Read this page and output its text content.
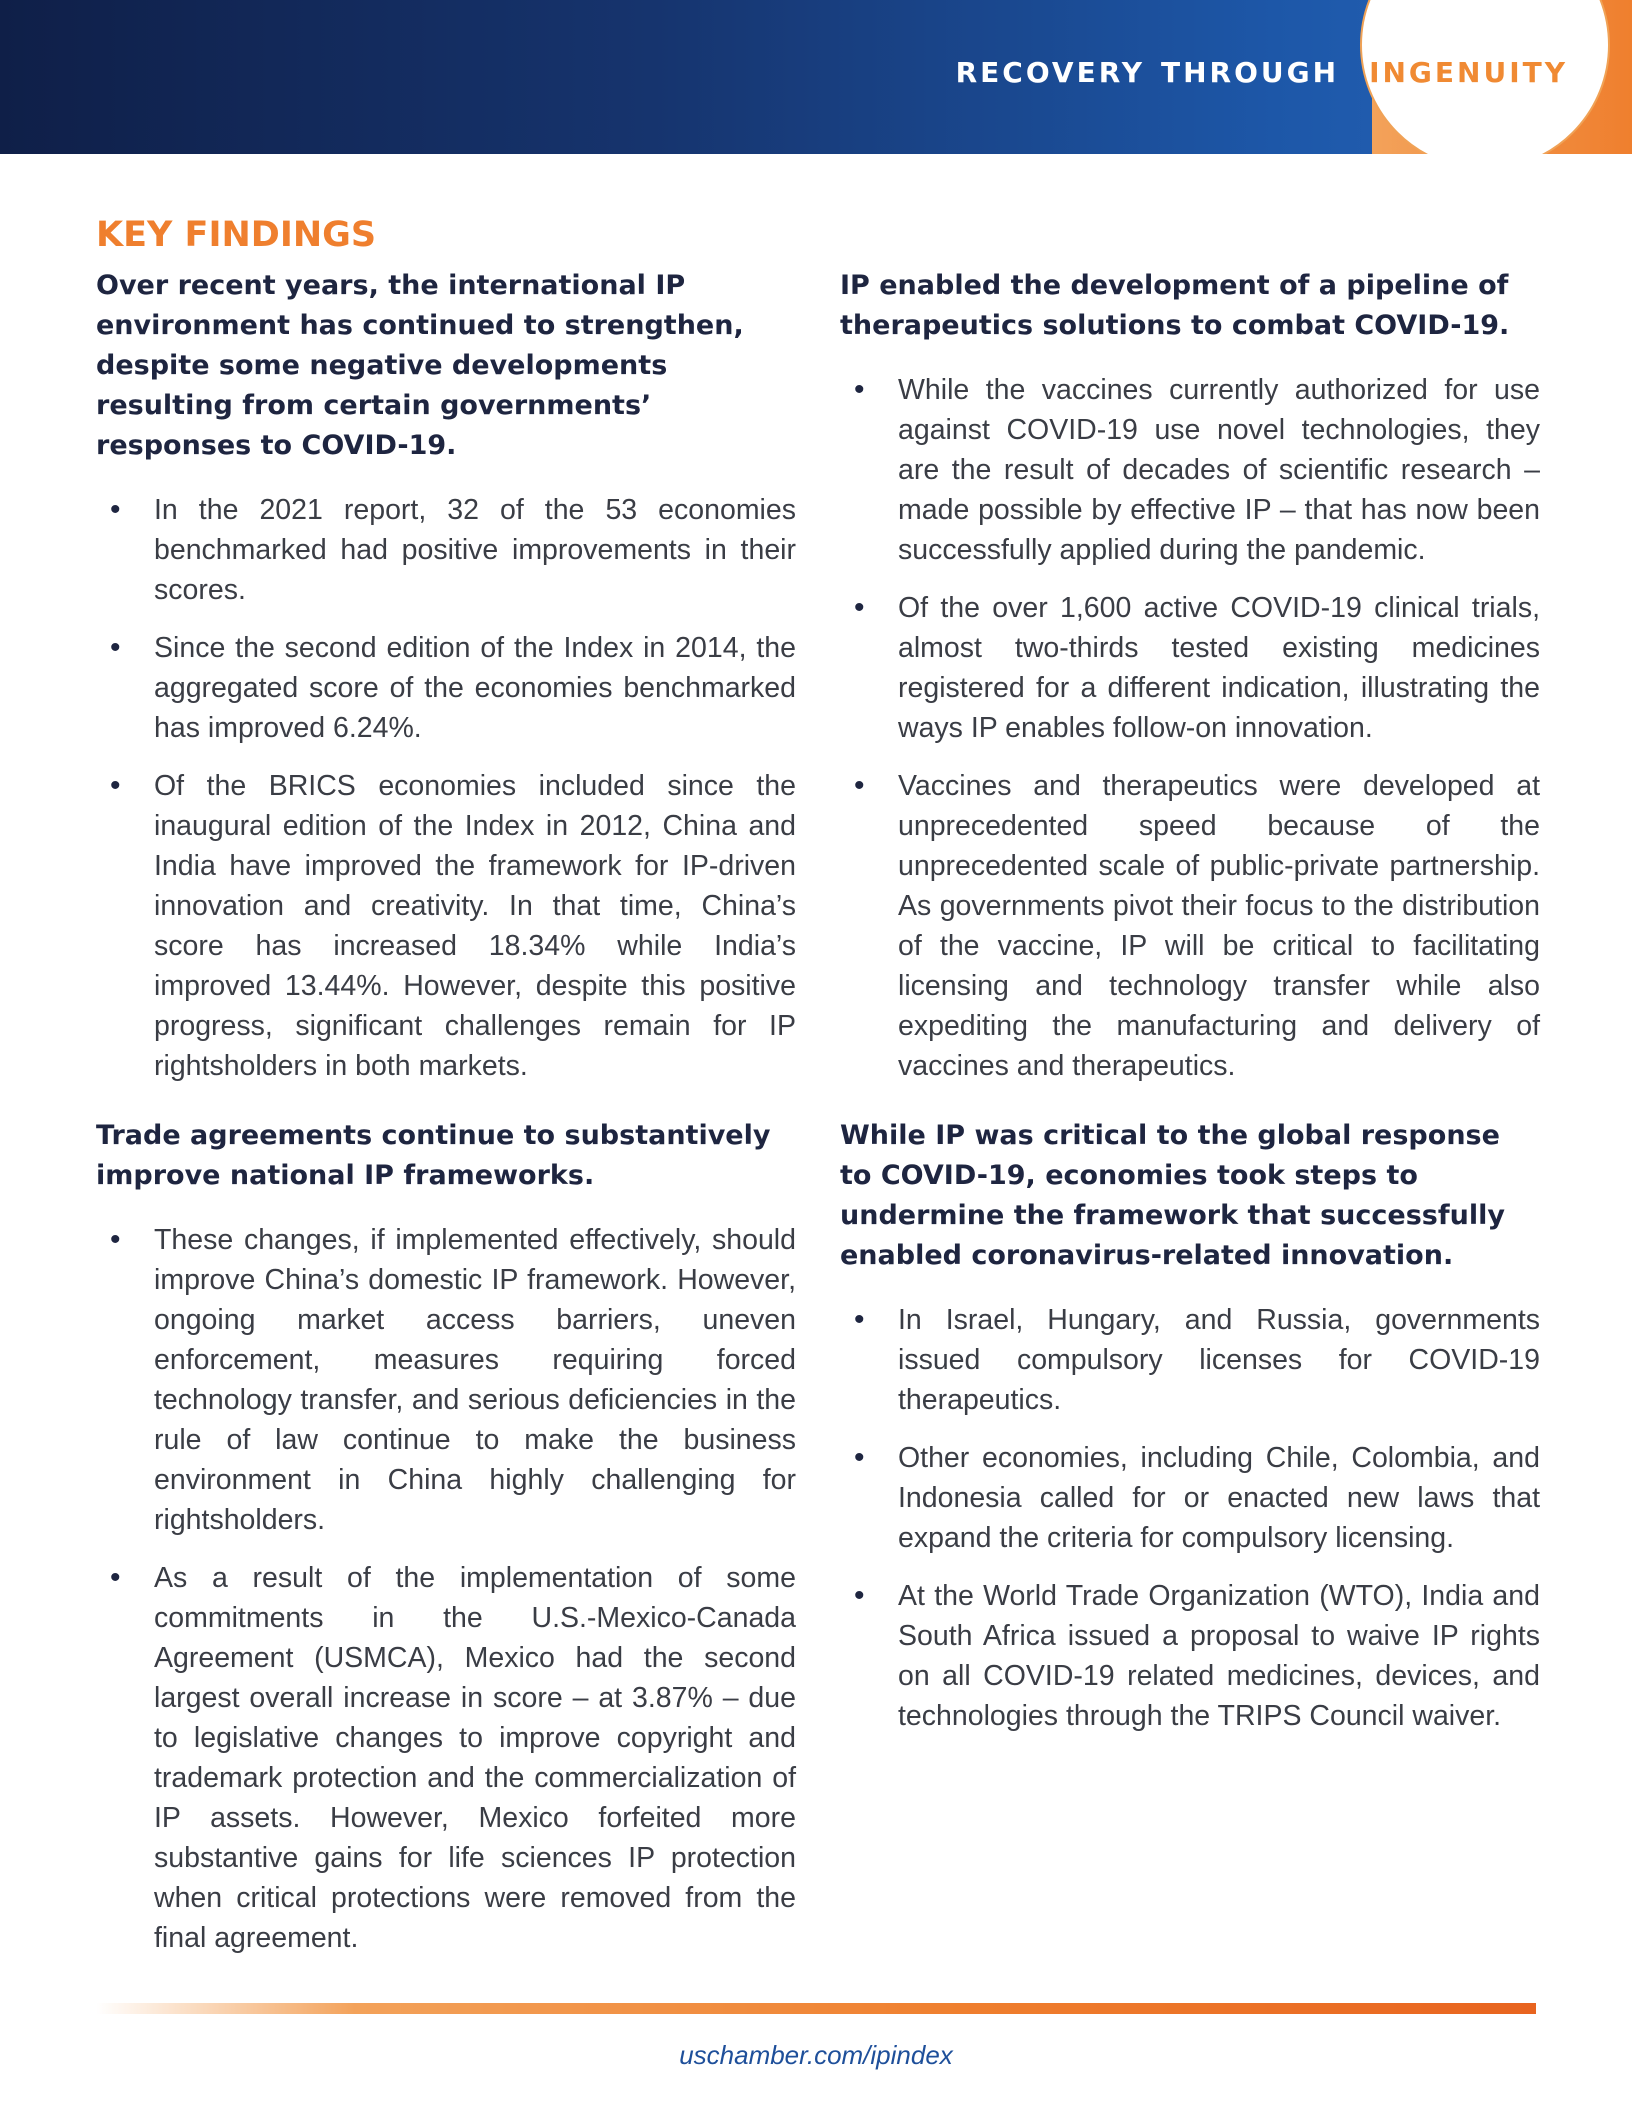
RECOVERY THROUGH INGENUITY
KEY FINDINGS
Over recent years, the international IP environment has continued to strengthen, despite some negative developments resulting from certain governments’ responses to COVID-19.
• In the 2021 report, 32 of the 53 economies benchmarked had positive improvements in their scores.
• Since the second edition of the Index in 2014, the aggregated score of the economies benchmarked has improved 6.24%.
• Of the BRICS economies included since the inaugural edition of the Index in 2012, China and India have improved the framework for IP-driven innovation and creativity. In that time, China’s score has increased 18.34% while India’s improved 13.44%. However, despite this positive progress, significant challenges remain for IP rightsholders in both markets.
Trade agreements continue to substantively improve national IP frameworks.
• These changes, if implemented effectively, should improve China’s domestic IP framework. However, ongoing market access barriers, uneven enforcement, measures requiring forced technology transfer, and serious deficiencies in the rule of law continue to make the business environment in China highly challenging for rightsholders.
• As a result of the implementation of some commitments in the U.S.-Mexico-Canada Agreement (USMCA), Mexico had the second largest overall increase in score – at 3.87% – due to legislative changes to improve copyright and trademark protection and the commercialization of IP assets. However, Mexico forfeited more substantive gains for life sciences IP protection when critical protections were removed from the final agreement.
IP enabled the development of a pipeline of therapeutics solutions to combat COVID-19.
• While the vaccines currently authorized for use against COVID-19 use novel technologies, they are the result of decades of scientific research – made possible by effective IP – that has now been successfully applied during the pandemic.
• Of the over 1,600 active COVID-19 clinical trials, almost two-thirds tested existing medicines registered for a different indication, illustrating the ways IP enables follow-on innovation.
• Vaccines and therapeutics were developed at unprecedented speed because of the unprecedented scale of public-private partnership. As governments pivot their focus to the distribution of the vaccine, IP will be critical to facilitating licensing and technology transfer while also expediting the manufacturing and delivery of vaccines and therapeutics.
While IP was critical to the global response to COVID-19, economies took steps to undermine the framework that successfully enabled coronavirus-related innovation.
• In Israel, Hungary, and Russia, governments issued compulsory licenses for COVID-19 therapeutics.
• Other economies, including Chile, Colombia, and Indonesia called for or enacted new laws that expand the criteria for compulsory licensing.
• At the World Trade Organization (WTO), India and South Africa issued a proposal to waive IP rights on all COVID-19 related medicines, devices, and technologies through the TRIPS Council waiver.
uschamber.com/ipindex
